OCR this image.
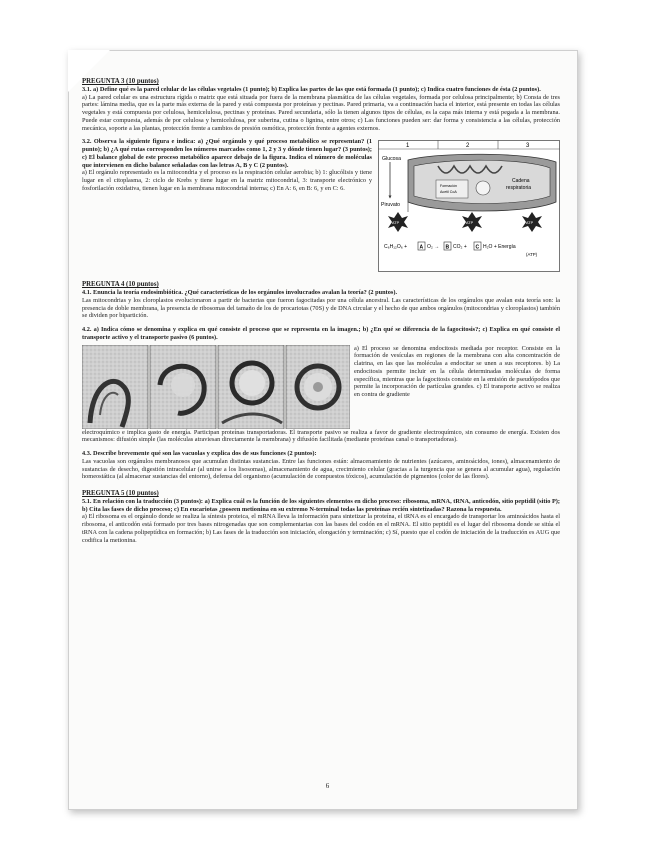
PREGUNTA 3 (10 puntos)

3.1. a) Define qué es la pared celular de las células vegetales (1 punto); b) Explica las partes de las que está formada (1 punto); c) Indica cuatro funciones de ésta (2 puntos).

a) La pared celular es una estructura rígida o matriz que está situada por fuera de la membrana plasmática de las células vegetales, formada por celulosa principalmente; b) Consta de tres partes: lámina media, que es la parte más externa de la pared y está compuesta por proteínas y pectinas. Pared primaria, va a continuación hacia el interior, está presente en todas las células vegetales y está compuesta por celulosa, hemicelulosa, pectinas y proteínas. Pared secundaria, sólo la tienen algunos tipos de células, es la capa más interna y está pegada a la membrana. Puede estar compuesta, además de por celulosa y hemicelulosa, por suberina, cutina o lignina, entre otros; c) Las funciones pueden ser: dar forma y consistencia a las células, protección mecánica, soporte a las plantas, protección frente a cambios de presión osmótica, protección frente a agentes externos.

3.2. Observa la siguiente figura e indica: a) ¿Qué orgánulo y qué proceso metabólico se representan? (1 punto); b) ¿A qué rutas corresponden los números marcados como 1, 2 y 3 y dónde tienen lugar? (3 puntos); c) El balance global de este proceso metabólico aparece debajo de la figura. Indica el número de moléculas que intervienen en dicho balance señaladas con las letras A, B y C (2 puntos).

a) El orgánulo representado es la mitocondria y el proceso es la respiración celular aerobia; b) 1: glucólisis y tiene lugar en el citoplasma, 2: ciclo de Krebs y tiene lugar en la matriz mitocondrial, 3: transporte electrónico y fosforilación oxidativa, tienen lugar en la membrana mitocondrial interna; c) En A: 6, en B: 6, y en C: 6.

1	2	3
Glucosa
Piruvato
Formación
Acetil CoA
Cadena
respiratoria
ATP	ATP	ATP
C₆H₁₂O₆ + A O₂ → B CO₂ + C H₂O + Energía
(ATP)

PREGUNTA 4 (10 puntos)

4.1. Enuncia la teoría endosimbiótica. ¿Qué características de los orgánulos involucrados avalan la teoría? (2 puntos).

Las mitocondrias y los cloroplastos evolucionaron a partir de bacterias que fueron fagocitadas por una célula ancestral. Las características de los orgánulos que avalan esta teoría son: la presencia de doble membrana, la presencia de ribosomas del tamaño de los de procariotas (70S) y de DNA circular y el hecho de que ambos orgánulos (mitocondrias y cloroplastos) también se dividen por bipartición.

4.2. a) Indica cómo se denomina y explica en qué consiste el proceso que se representa en la imagen.; b) ¿En qué se diferencia de la fagocitosis?; c) Explica en qué consiste el transporte activo y el transporte pasivo (6 puntos).

a) El proceso se denomina endocitosis mediada por receptor. Consiste en la formación de vesículas en regiones de la membrana con alta concentración de clatrina, en las que las moléculas a endocitar se unen a sus receptores. b) La endocitosis permite incluir en la célula determinadas moléculas de forma específica, mientras que la fagocitosis consiste en la emisión de pseudópodos que permite la incorporación de partículas grandes. c) El transporte activo se realiza en contra de gradiente

electroquímico e implica gasto de energía. Participan proteínas transportadoras. El transporte pasivo se realiza a favor de gradiente electroquímico, sin consumo de energía. Existen dos mecanismos: difusión simple (las moléculas atraviesan directamente la membrana) y difusión facilitada (mediante proteínas canal o transportadoras).

4.3. Describe brevemente qué son las vacuolas y explica dos de sus funciones (2 puntos):

Las vacuolas son orgánulos membranosos que acumulan distintas sustancias. Entre las funciones están: almacenamiento de nutrientes (azúcares, aminoácidos, iones), almacenamiento de sustancias de desecho, digestión intracelular (al unirse a los lisosomas), almacenamiento de agua, crecimiento celular (gracias a la turgencia que se genera al acumular agua), regulación homeostática (al almacenar sustancias del entorno), defensa del organismo (acumulación de compuestos tóxicos), acumulación de pigmentos (color de las flores).

PREGUNTA 5 (10 puntos)

5.1. En relación con la traducción (3 puntos): a) Explica cuál es la función de los siguientes elementos en dicho proceso: ribosoma, mRNA, tRNA, anticodón, sitio peptidil (sitio P); b) Cita las fases de dicho proceso; c) En eucariotas ¿poseen metionina en su extremo N-terminal todas las proteínas recién sintetizadas? Razona la respuesta.

a) El ribosoma es el orgánulo donde se realiza la síntesis proteica, el mRNA lleva la información para sintetizar la proteína, el tRNA es el encargado de transportar los aminoácidos hasta el ribosoma, el anticodón está formado por tres bases nitrogenadas que son complementarias con las bases del codón en el mRNA. El sitio peptidil es el lugar del ribosoma donde se sitúa el tRNA con la cadena polipeptídica en formación; b) Las fases de la traducción son iniciación, elongación y terminación; c) Sí, puesto que el codón de iniciación de la traducción es AUG que codifica la metionina.

6
